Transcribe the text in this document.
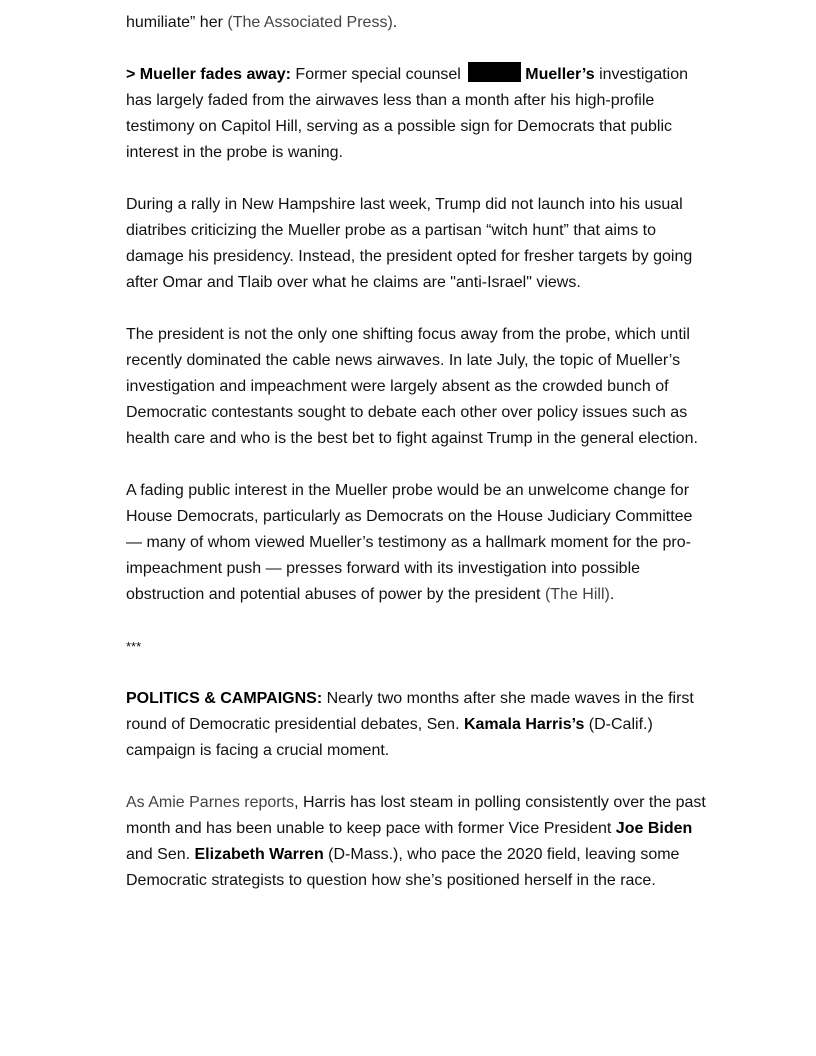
humiliate” her (The Associated Press).

> Mueller fades away: Former special counsel	Mueller’s investigation has largely faded from the airwaves less than a month after his high-profile testimony on Capitol Hill, serving as a possible sign for Democrats that public interest in the probe is waning.

During a rally in New Hampshire last week, Trump did not launch into his usual diatribes criticizing the Mueller probe as a partisan “witch hunt” that aims to damage his presidency. Instead, the president opted for fresher targets by going after Omar and Tlaib over what he claims are "anti-Israel" views.

The president is not the only one shifting focus away from the probe, which until recently dominated the cable news airwaves. In late July, the topic of Mueller’s investigation and impeachment were largely absent as the crowded bunch of Democratic contestants sought to debate each other over policy issues such as health care and who is the best bet to fight against Trump in the general election.

A fading public interest in the Mueller probe would be an unwelcome change for House Democrats, particularly as Democrats on the House Judiciary Committee — many of whom viewed Mueller’s testimony as a hallmark moment for the pro-impeachment push — presses forward with its investigation into possible obstruction and potential abuses of power by the president (The Hill).

***

POLITICS & CAMPAIGNS: Nearly two months after she made waves in the first round of Democratic presidential debates, Sen. Kamala Harris’s (D-Calif.) campaign is facing a crucial moment.

As Amie Parnes reports, Harris has lost steam in polling consistently over the past month and has been unable to keep pace with former Vice President Joe Biden and Sen. Elizabeth Warren (D-Mass.), who pace the 2020 field, leaving some Democratic strategists to question how she’s positioned herself in the race.
